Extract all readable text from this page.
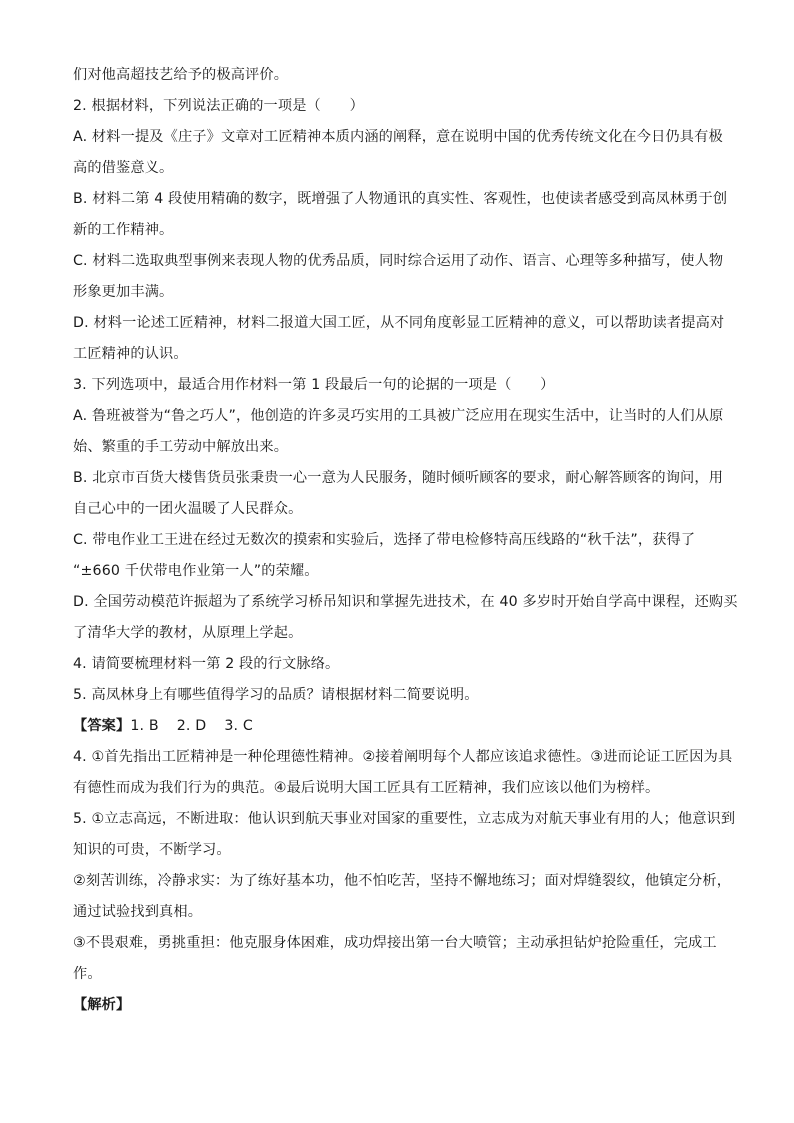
们对他高超技艺给予的极高评价。
2. 根据材料，下列说法正确的一项是（　　）
A. 材料一提及《庄子》文章对工匠精神本质内涵的阐释，意在说明中国的优秀传统文化在今日仍具有极
高的借鉴意义。
B. 材料二第 4 段使用精确的数字，既增强了人物通讯的真实性、客观性，也使读者感受到高凤林勇于创
新的工作精神。
C. 材料二选取典型事例来表现人物的优秀品质，同时综合运用了动作、语言、心理等多种描写，使人物
形象更加丰满。
D. 材料一论述工匠精神，材料二报道大国工匠，从不同角度彰显工匠精神的意义，可以帮助读者提高对
工匠精神的认识。
3. 下列选项中，最适合用作材料一第 1 段最后一句的论据的一项是（　　）
A. 鲁班被誉为“鲁之巧人”，他创造的许多灵巧实用的工具被广泛应用在现实生活中，让当时的人们从原
始、繁重的手工劳动中解放出来。
B. 北京市百货大楼售货员张秉贵一心一意为人民服务，随时倾听顾客的要求，耐心解答顾客的询问，用
自己心中的一团火温暖了人民群众。
C. 带电作业工王进在经过无数次的摸索和实验后，选择了带电检修特高压线路的“秋千法”，获得了
“±660 千伏带电作业第一人”的荣耀。
D. 全国劳动模范许振超为了系统学习桥吊知识和掌握先进技术，在 40 多岁时开始自学高中课程，还购买
了清华大学的教材，从原理上学起。
4. 请简要梳理材料一第 2 段的行文脉络。
5. 高凤林身上有哪些值得学习的品质？请根据材料二简要说明。
【答案】1. B 2. D 3. C
4. ①首先指出工匠精神是一种伦理德性精神。②接着阐明每个人都应该追求德性。③进而论证工匠因为具
有德性而成为我们行为的典范。④最后说明大国工匠具有工匠精神，我们应该以他们为榜样。
5. ①立志高远，不断进取：他认识到航天事业对国家的重要性，立志成为对航天事业有用的人；他意识到
知识的可贵，不断学习。
②刻苦训练，冷静求实：为了练好基本功，他不怕吃苦，坚持不懈地练习；面对焊缝裂纹，他镇定分析，
通过试验找到真相。
③不畏艰难，勇挑重担：他克服身体困难，成功焊接出第一台大喷管；主动承担钻炉抢险重任，完成工
作。
【解析】
